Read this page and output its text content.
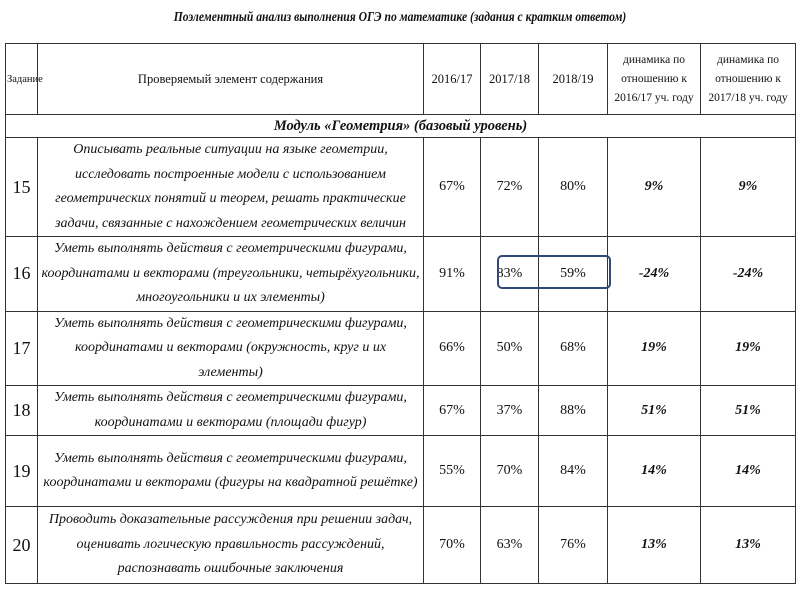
Поэлементный анализ выполнения ОГЭ по математике (задания с кратким ответом)
Задание	Проверяемый элемент содержания	2016/17	2017/18	2018/19	динамика по отношению к 2016/17 уч. году	динамика по отношению к 2017/18 уч. году
Модуль «Геометрия» (базовый уровень)						
15	Описывать реальные ситуации на языке геометрии, исследовать построенные модели с использованием геометрических понятий и теорем, решать практические задачи, связанные с нахождением геометрических величин	67%	72%	80%	9%	9%
16	Уметь выполнять действия с геометрическими фигурами, координатами и векторами (треугольники, четырёхугольники, многоугольники и их элементы)	91%	83%	59%	-24%	-24%
17	Уметь выполнять действия с геометрическими фигурами, координатами и векторами (окружность, круг и их элементы)	66%	50%	68%	19%	19%
18	Уметь выполнять действия с геометрическими фигурами, координатами и векторами (площади фигур)	67%	37%	88%	51%	51%
19	Уметь выполнять действия с геометрическими фигурами, координатами и векторами (фигуры на квадратной решётке)	55%	70%	84%	14%	14%
20	Проводить доказательные рассуждения при решении задач, оценивать логическую правильность рассуждений, распознавать ошибочные заключения	70%	63%	76%	13%	13%
